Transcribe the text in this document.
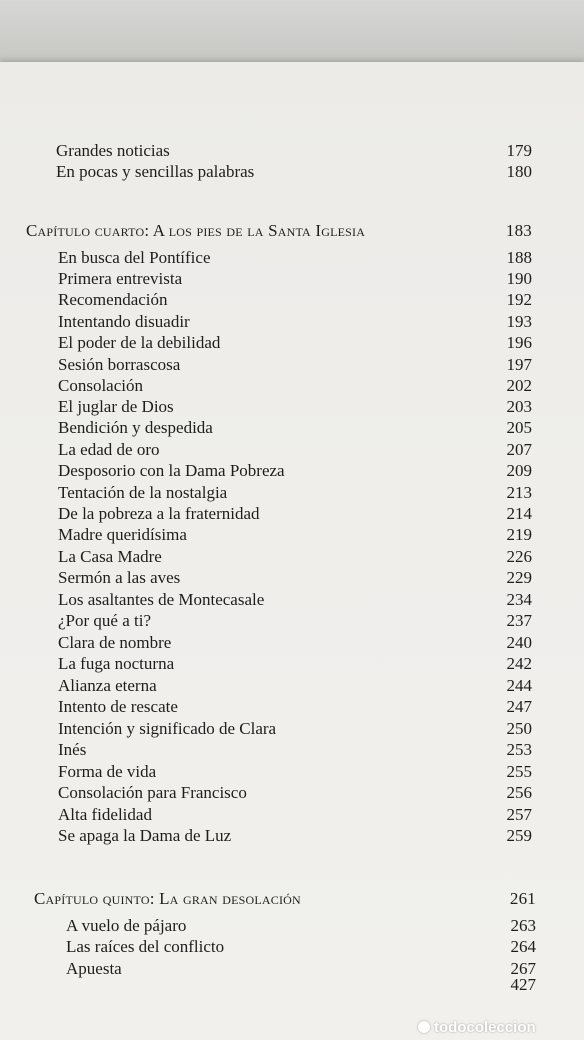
Grandes noticias	179
En pocas y sencillas palabras	180
Capítulo cuarto: A los pies de la Santa Iglesia	183
En busca del Pontífice	188
Primera entrevista	190
Recomendación	192
Intentando disuadir	193
El poder de la debilidad	196
Sesión borrascosa	197
Consolación	202
El juglar de Dios	203
Bendición y despedida	205
La edad de oro	207
Desposorio con la Dama Pobreza	209
Tentación de la nostalgia	213
De la pobreza a la fraternidad	214
Madre queridísima	219
La Casa Madre	226
Sermón a las aves	229
Los asaltantes de Montecasale	234
¿Por qué a ti?	237
Clara de nombre	240
La fuga nocturna	242
Alianza eterna	244
Intento de rescate	247
Intención y significado de Clara	250
Inés	253
Forma de vida	255
Consolación para Francisco	256
Alta fidelidad	257
Se apaga la Dama de Luz	259
Capítulo quinto: La gran desolación	261
A vuelo de pájaro	263
Las raíces del conflicto	264
Apuesta	267
427
todocoleccion
